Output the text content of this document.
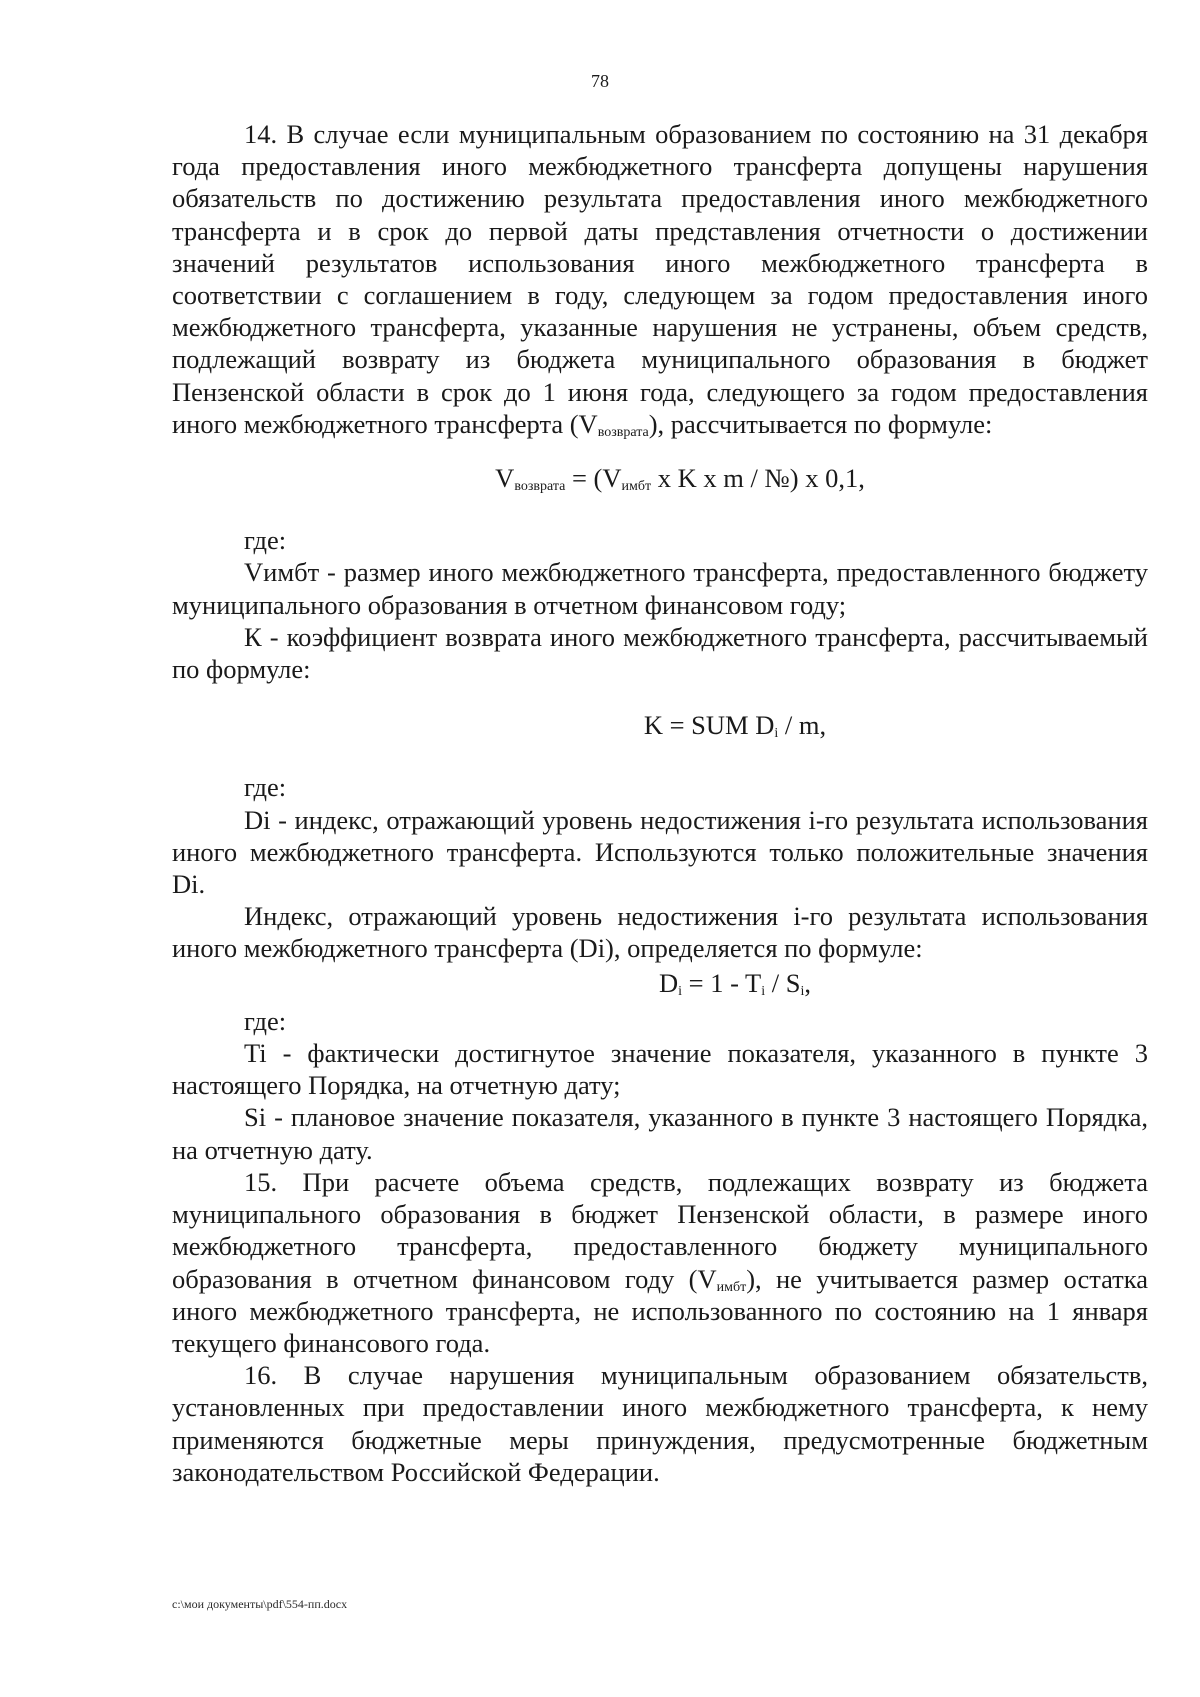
78

14. В случае если муниципальным образованием по состоянию на 31 декабря года предоставления иного межбюджетного трансферта допущены нарушения обязательств по достижению результата предоставления иного межбюджетного трансферта и в срок до первой даты представления отчетности о достижении значений результатов использования иного межбюджетного трансферта в соответствии с соглашением в году, следующем за годом предоставления иного межбюджетного трансферта, указанные нарушения не устранены, объем средств, подлежащий возврату из бюджета муниципального образования в бюджет Пензенской области в срок до 1 июня года, следующего за годом предоставления иного межбюджетного трансферта $(V_{возврата})$, рассчитывается по формуле:

$V_{возврата} = (V_{имбт}$ x K x m / №) x 0,1,

где:

Vимбт - размер иного межбюджетного трансферта, предоставленного бюджету муниципального образования в отчетном финансовом году;

К - коэффициент возврата иного межбюджетного трансферта, рассчитываемый по формуле:

K = SUM $D_i$ / m,

где:

Di - индекс, отражающий уровень недостижения i-го результата использования иного межбюджетного трансферта. Используются только положительные значения Di.

Индекс, отражающий уровень недостижения i-го результата использования иного межбюджетного трансферта (Di), определяется по формуле:

$D_i = 1 - T_i / S_i$,

где:

Ti - фактически достигнутое значение показателя, указанного в пункте 3 настоящего Порядка, на отчетную дату;

Si - плановое значение показателя, указанного в пункте 3 настоящего Порядка, на отчетную дату.

15. При расчете объема средств, подлежащих возврату из бюджета муниципального образования в бюджет Пензенской области, в размере иного межбюджетного трансферта, предоставленного бюджету муниципального образования в отчетном финансовом году $(V_{имбт})$, не учитывается размер остатка иного межбюджетного трансферта, не использованного по состоянию на 1 января текущего финансового года.

16. В случае нарушения муниципальным образованием обязательств, установленных при предоставлении иного межбюджетного трансферта, к нему применяются бюджетные меры принуждения, предусмотренные бюджетным законодательством Российской Федерации.

c:\мои документы\pdf\554-пп.docx
